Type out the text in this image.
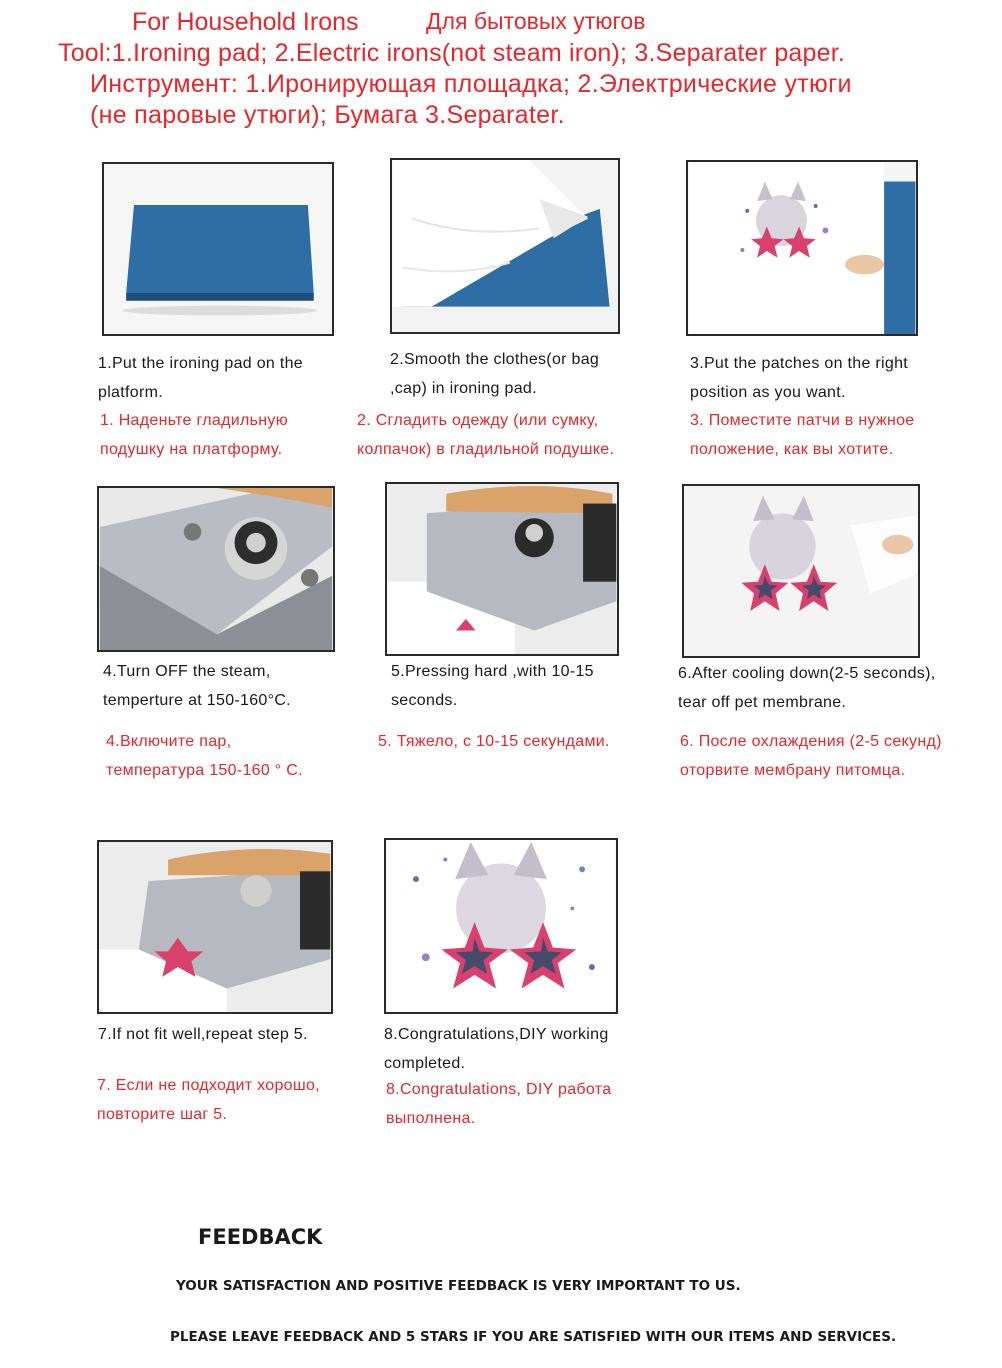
For Household Irons	Для бытовых утюгов
Tool:1.Ironing pad; 2.Electric irons(not steam iron); 3.Separater paper.
Инструмент: 1.Иронирующая площадка; 2.Электрические утюги
(не паровые утюги); Бумага 3.Separater.
1.Put the ironing pad on the
platform.
1. Наденьте гладильную
подушку на платформу.
2.Smooth the clothes(or bag
,cap) in ironing pad.
2. Сгладить одежду (или сумку,
колпачок) в гладильной подушке.
3.Put the patches on the right
position as you want.
3. Поместите патчи в нужное
положение, как вы хотите.
4.Turn OFF the steam,
temperture at 150-160°C.
4.Включите пар,
температура 150-160 ° C.
5.Pressing hard ,with 10-15
seconds.
5. Тяжело, с 10-15 секундами.
6.After cooling down(2-5 seconds),
tear off pet membrane.
6. После охлаждения (2-5 секунд)
оторвите мембрану питомца.
7.If not fit well,repeat step 5.
7. Если не подходит хорошо,
повторите шаг 5.
8.Congratulations,DIY working
completed.
8.Congratulations, DIY работа
выполнена.
FEEDBACK
YOUR SATISFACTION AND POSITIVE FEEDBACK IS VERY IMPORTANT TO US.
PLEASE LEAVE FEEDBACK AND 5 STARS IF YOU ARE SATISFIED WITH OUR ITEMS AND SERVICES.
